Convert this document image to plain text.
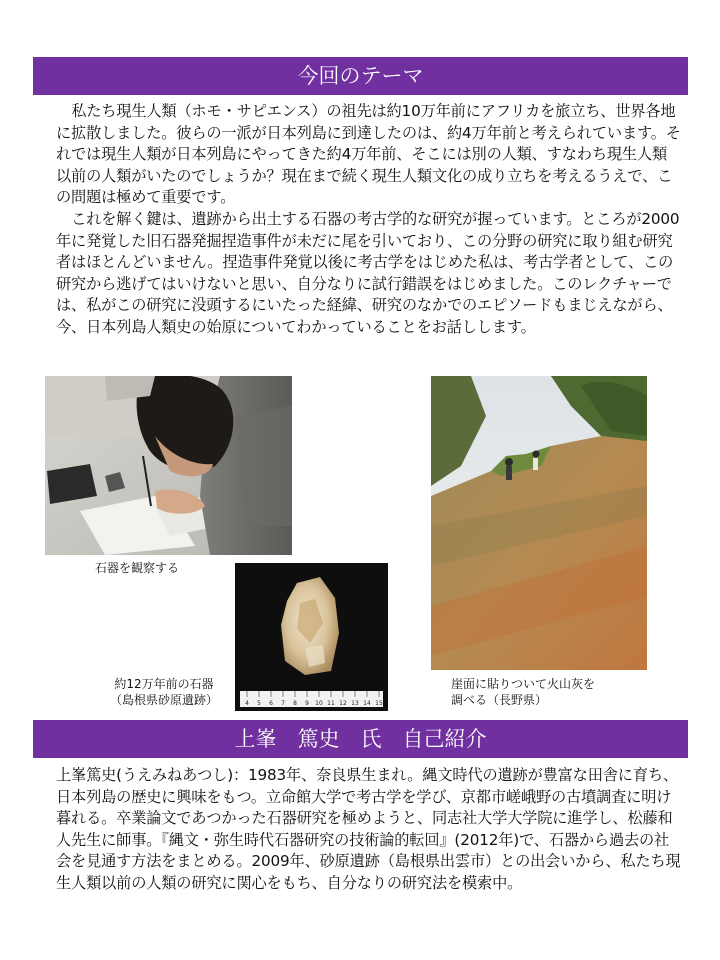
今回のテーマ

私たち現生人類（ホモ・サピエンス）の祖先は約10万年前にアフリカを旅立ち、世界各地に拡散しました。彼らの一派が日本列島に到達したのは、約4万年前と考えられています。それでは現生人類が日本列島にやってきた約4万年前、そこには別の人類、すなわち現生人類以前の人類がいたのでしょうか？現在まで続く現生人類文化の成り立ちを考えるうえで、この問題は極めて重要です。

これを解く鍵は、遺跡から出土する石器の考古学的な研究が握っています。ところが2000年に発覚した旧石器発掘捏造事件が未だに尾を引いており、この分野の研究に取り組む研究者はほとんどいません。捏造事件発覚以後に考古学をはじめた私は、考古学者として、この研究から逃げてはいけないと思い、自分なりに試行錯誤をはじめました。このレクチャーでは、私がこの研究に没頭するにいたった経緯、研究のなかでのエピソードもまじえながら、今、日本列島人類史の始原についてわかっていることをお話しします。

石器を観察する
4 5 6 7 8 9 10 11 12 13 14 15
約12万年前の石器
（島根県砂原遺跡）
崖面に貼りついて火山灰を
調べる（長野県）
上峯　篤史　氏　自己紹介

上峯篤史(うえみねあつし)：1983年、奈良県生まれ。縄文時代の遺跡が豊富な田舎に育ち、日本列島の歴史に興味をもつ。立命館大学で考古学を学び、京都市嵯峨野の古墳調査に明け暮れる。卒業論文であつかった石器研究を極めようと、同志社大学大学院に進学し、松藤和人先生に師事。『縄文・弥生時代石器研究の技術論的転回』(2012年)で、石器から過去の社会を見通す方法をまとめる。2009年、砂原遺跡（島根県出雲市）との出会いから、私たち現生人類以前の人類の研究に関心をもち、自分なりの研究法を模索中。
